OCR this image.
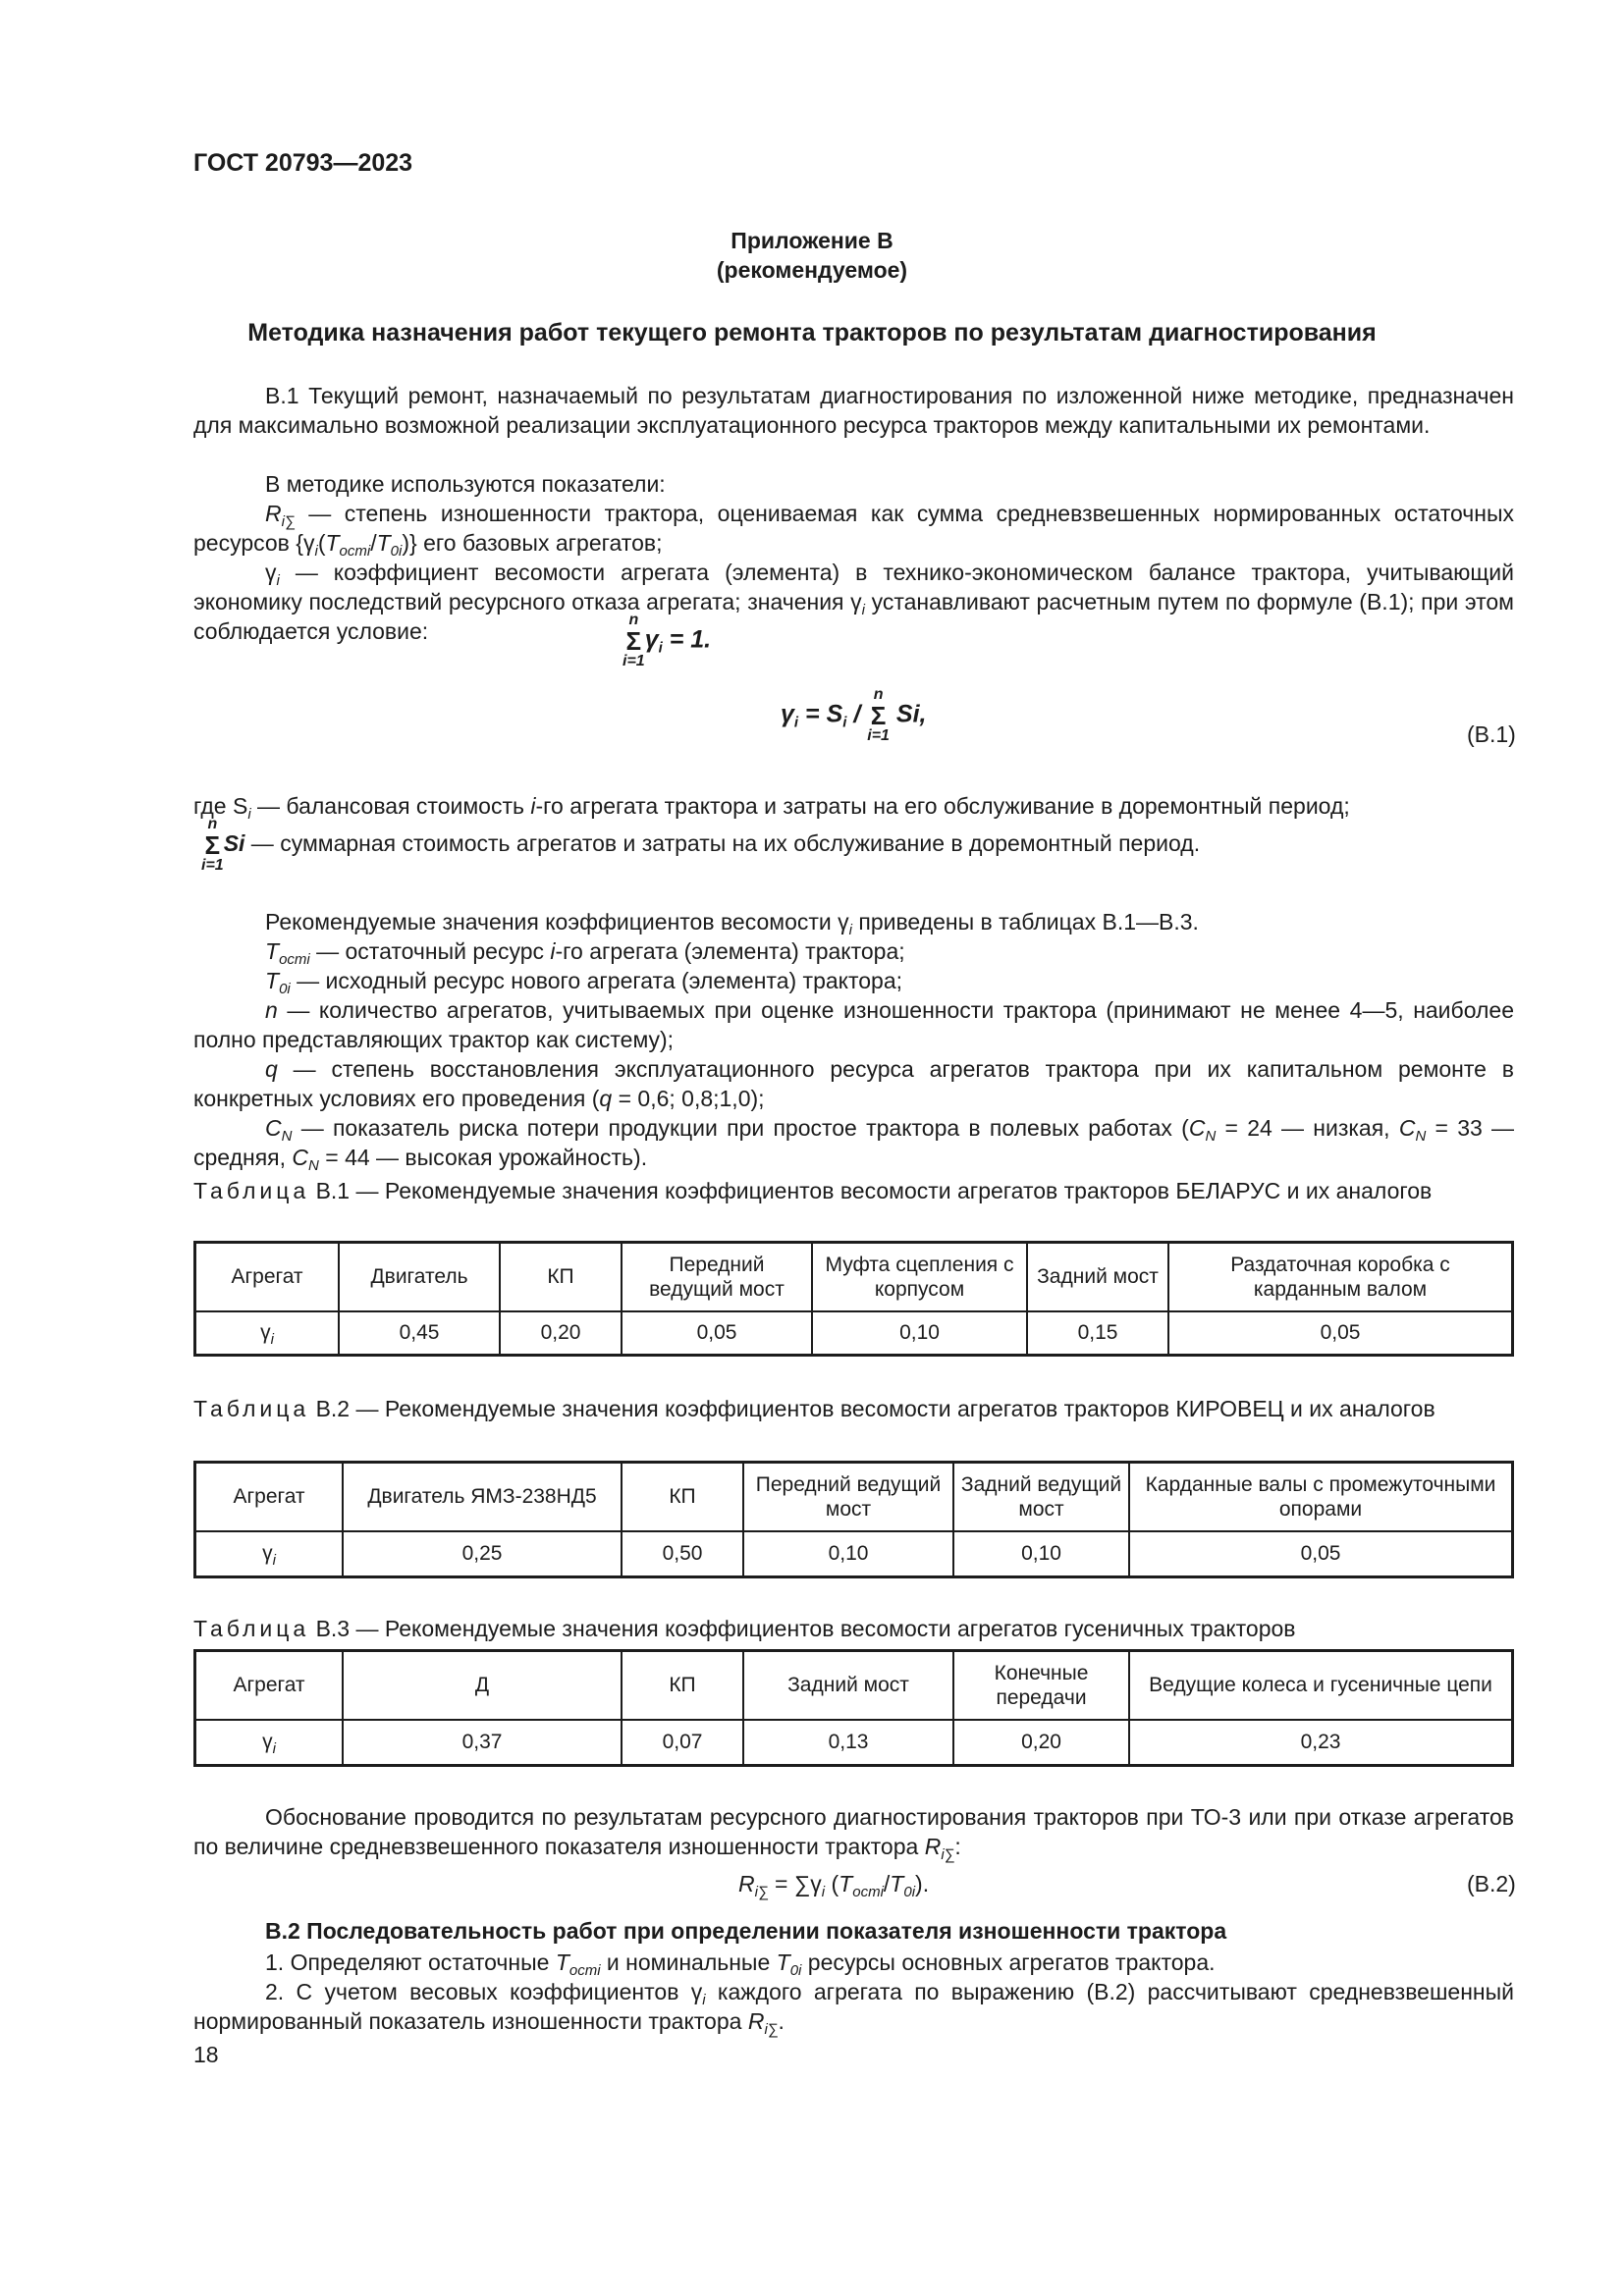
ГОСТ 20793—2023
Приложение В
(рекомендуемое)
Методика назначения работ текущего ремонта тракторов по результатам диагностирования
В.1 Текущий ремонт, назначаемый по результатам диагностирования по изложенной ниже методике, предназначен для максимально возможной реализации эксплуатационного ресурса тракторов между капитальными их ремонтами.
В методике используются показатели:
$R_{i\sum}$ — степень изношенности трактора, оцениваемая как сумма средневзвешенных нормированных остаточных ресурсов $\{\gamma_i(T_{ocmi}/T_{0i})\}$ его базовых агрегатов;
$\gamma_i$ — коэффициент весомости агрегата (элемента) в технико-экономическом балансе трактора, учитывающий экономику последствий ресурсного отказа агрегата; значения $\gamma_i$ устанавливают расчетным путем по формуле (В.1); при этом соблюдается условие:	n
Σ
i=1
$\gamma_i = 1$.
$\gamma_i = S_i$ /
n
Σ
i=1
Si,
(В.1)
где $S_i$ — балансовая стоимость i-го агрегата трактора и затраты на его обслуживание в доремонтный период;
n
Σ
i=1
Si — суммарная стоимость агрегатов и затраты на их обслуживание в доремонтный период.
Рекомендуемые значения коэффициентов весомости $\gamma_i$ приведены в таблицах В.1—В.3.
$T_{ocmi}$ — остаточный ресурс i-го агрегата (элемента) трактора;
$T_{0i}$ — исходный ресурс нового агрегата (элемента) трактора;
n — количество агрегатов, учитываемых при оценке изношенности трактора (принимают не менее 4—5, наиболее полно представляющих трактор как систему);
q — степень восстановления эксплуатационного ресурса агрегатов трактора при их капитальном ремонте в конкретных условиях его проведения (q = 0,6; 0,8;1,0);
$C_N$ — показатель риска потери продукции при простое трактора в полевых работах ($C_N = 24$ — низкая, $C_N = 33$ — средняя, $C_N = 44$ — высокая урожайность).
Таблица В.1 — Рекомендуемые значения коэффициентов весомости агрегатов тракторов БЕЛАРУС и их аналогов
Агрегат	Двигатель	КП	Передний ведущий мост	Муфта сцепления с корпусом	Задний мост	Раздаточная коробка с карданным валом
$\gamma_i$	0,45	0,20	0,05	0,10	0,15	0,05
Таблица В.2 — Рекомендуемые значения коэффициентов весомости агрегатов тракторов КИРОВЕЦ и их аналогов
Агрегат	Двигатель ЯМЗ-238НД5	КП	Передний ведущий мост	Задний ведущий мост	Карданные валы с промежуточными опорами
$\gamma_i$	0,25	0,50	0,10	0,10	0,05
Таблица В.3 — Рекомендуемые значения коэффициентов весомости агрегатов гусеничных тракторов
Агрегат	Д	КП	Задний мост	Конечные передачи	Ведущие колеса и гусеничные цепи
$\gamma_i$	0,37	0,07	0,13	0,20	0,23
Обоснование проводится по результатам ресурсного диагностирования тракторов при ТО-3 или при отказе агрегатов по величине средневзвешенного показателя изношенности трактора $R_{i\sum}$:
$R_{i\sum} = \sum\gamma_i$ $(T_{ocmi}/T_{0i})$.	(В.2)
В.2 Последовательность работ при определении показателя изношенности трактора
1. Определяют остаточные $T_{ocmi}$ и номинальные $T_{0i}$ ресурсы основных агрегатов трактора.
2. С учетом весовых коэффициентов $\gamma_i$ каждого агрегата по выражению (В.2) рассчитывают средневзвешенный нормированный показатель изношенности трактора $R_{i\sum}$.
18
